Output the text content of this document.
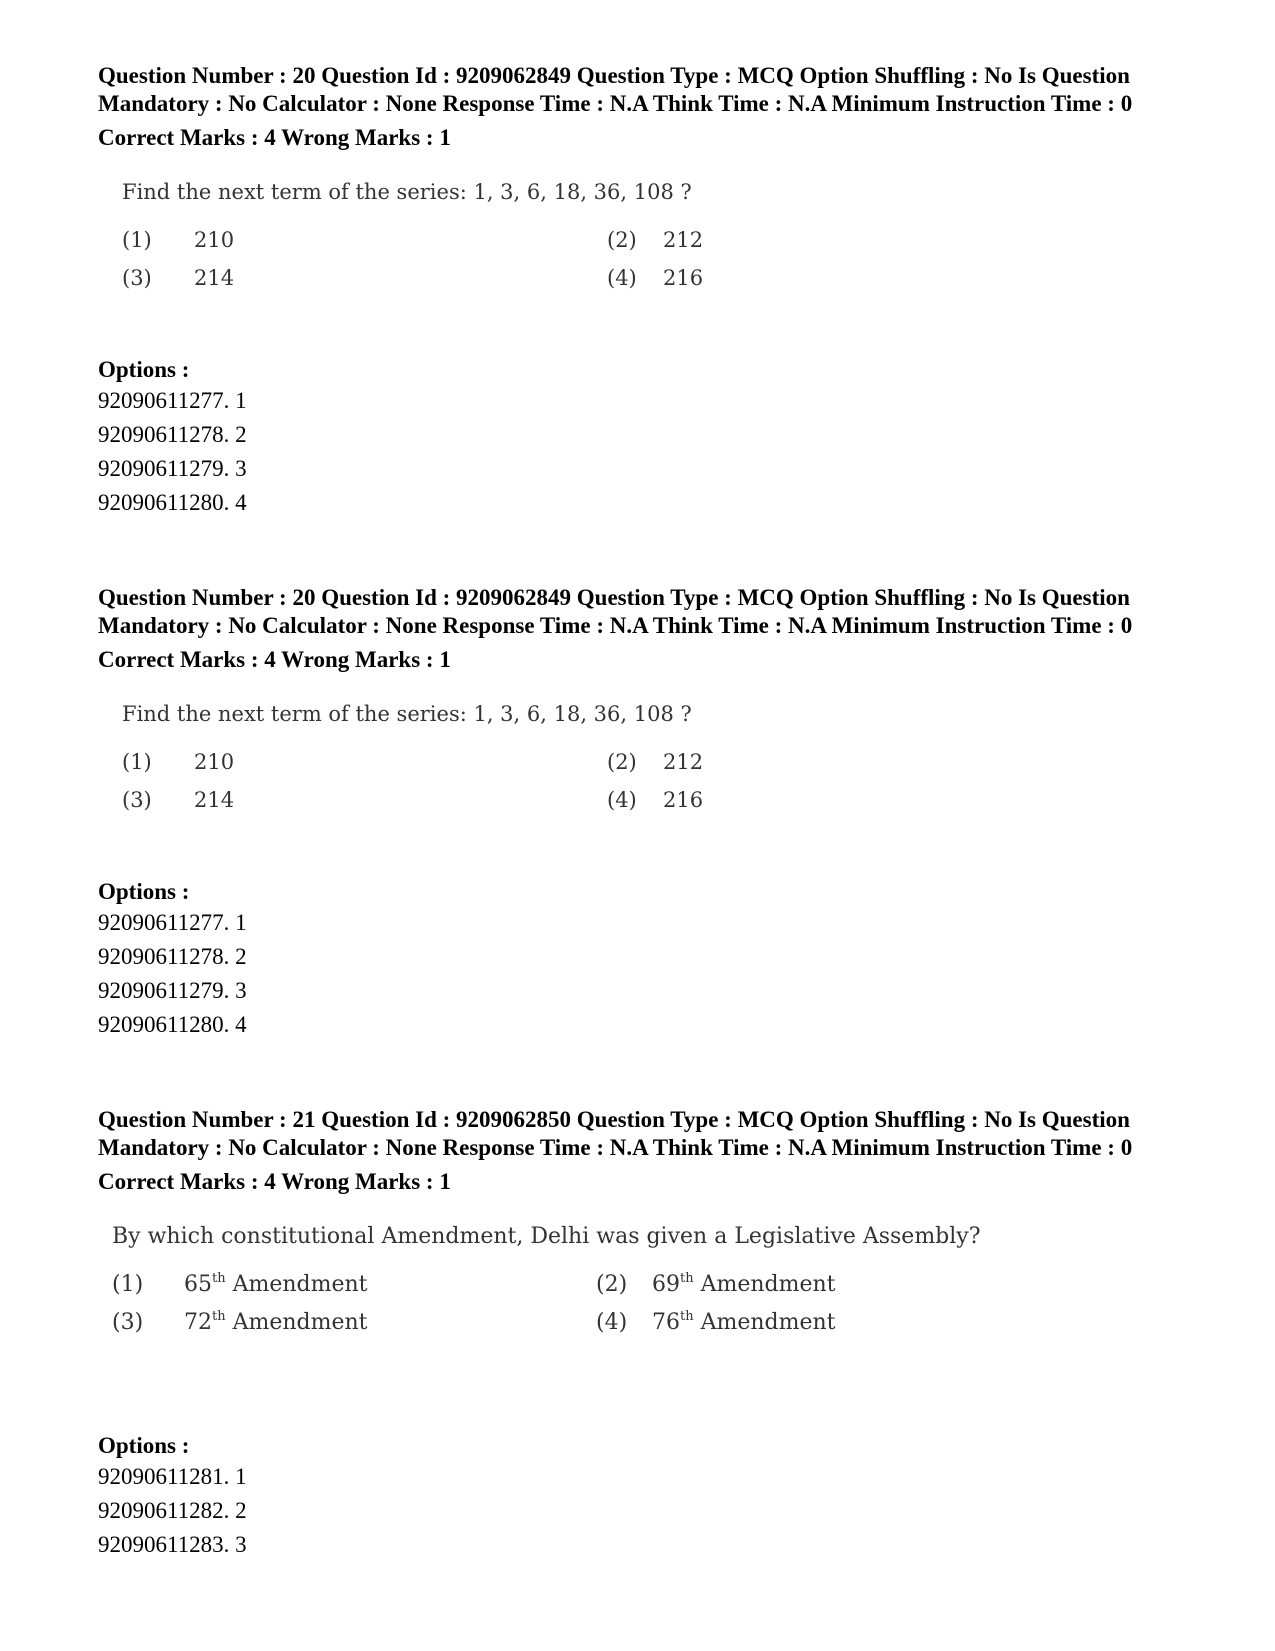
Question Number : 20 Question Id : 9209062849 Question Type : MCQ Option Shuffling : No Is Question Mandatory : No Calculator : None Response Time : N.A Think Time : N.A Minimum Instruction Time : 0

Correct Marks : 4 Wrong Marks : 1

Find the next term of the series: 1, 3, 6, 18, 36, 108 ?
(1) 210	(2) 212
(3) 214	(4) 216

Options :

92090611277. 1

92090611278. 2

92090611279. 3

92090611280. 4

Question Number : 20 Question Id : 9209062849 Question Type : MCQ Option Shuffling : No Is Question Mandatory : No Calculator : None Response Time : N.A Think Time : N.A Minimum Instruction Time : 0

Correct Marks : 4 Wrong Marks : 1

Find the next term of the series: 1, 3, 6, 18, 36, 108 ?
(1) 210	(2) 212
(3) 214	(4) 216

Options :

92090611277. 1

92090611278. 2

92090611279. 3

92090611280. 4

Question Number : 21 Question Id : 9209062850 Question Type : MCQ Option Shuffling : No Is Question Mandatory : No Calculator : None Response Time : N.A Think Time : N.A Minimum Instruction Time : 0

Correct Marks : 4 Wrong Marks : 1

By which constitutional Amendment, Delhi was given a Legislative Assembly?
(1) 65th Amendment	(2) 69th Amendment
(3) 72th Amendment	(4) 76th Amendment

Options :

92090611281. 1

92090611282. 2

92090611283. 3
